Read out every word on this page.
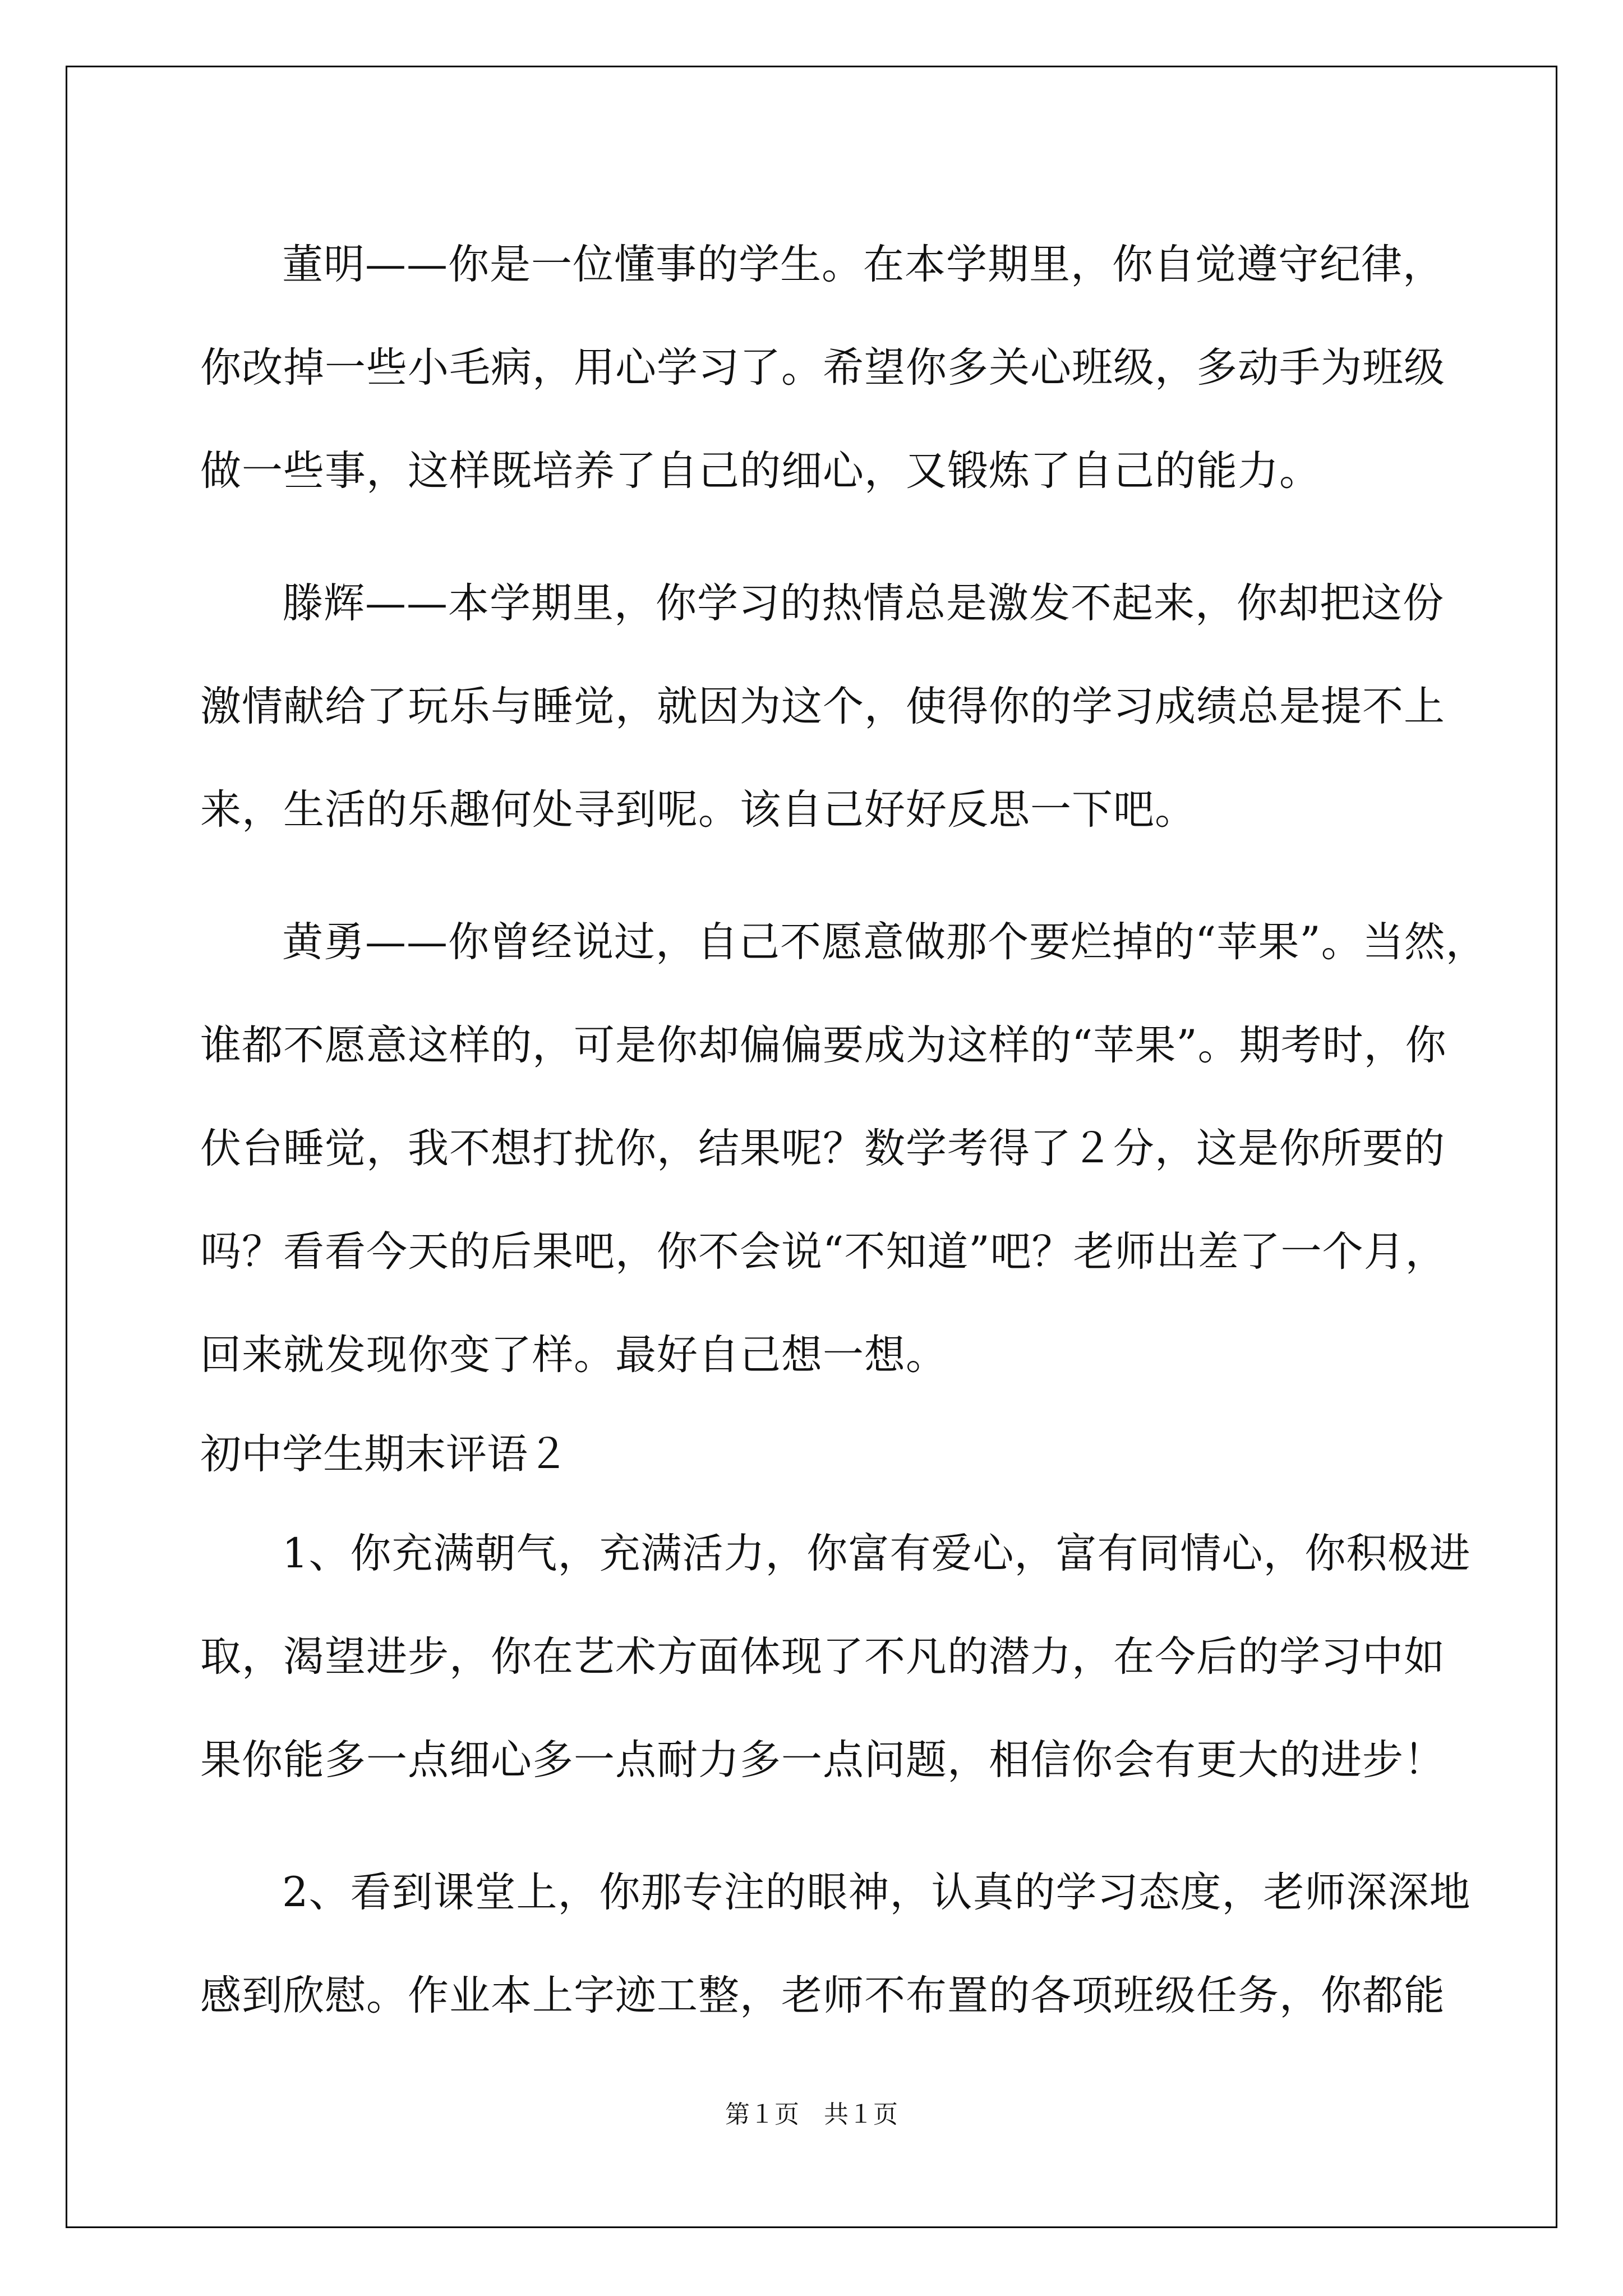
董明——你是一位懂事的学生。在本学期里，你自觉遵守纪律，
你改掉一些小毛病，用心学习了。希望你多关心班级，多动手为班级
做一些事，这样既培养了自己的细心，又锻炼了自己的能力。
滕辉——本学期里，你学习的热情总是激发不起来，你却把这份
激情献给了玩乐与睡觉，就因为这个，使得你的学习成绩总是提不上
来，生活的乐趣何处寻到呢。该自己好好反思一下吧。
黄勇——你曾经说过，自己不愿意做那个要烂掉的“苹果”。当然，
谁都不愿意这样的，可是你却偏偏要成为这样的“苹果”。期考时，你
伏台睡觉，我不想打扰你，结果呢？数学考得了２分，这是你所要的
吗？看看今天的后果吧，你不会说“不知道”吧？老师出差了一个月，
回来就发现你变了样。最好自己想一想。
初中学生期末评语２
1、你充满朝气，充满活力，你富有爱心，富有同情心，你积极进
取，渴望进步，你在艺术方面体现了不凡的潜力，在今后的学习中如
果你能多一点细心多一点耐力多一点问题，相信你会有更大的进步！
2、看到课堂上，你那专注的眼神，认真的学习态度，老师深深地
感到欣慰。作业本上字迹工整，老师不布置的各项班级任务，你都能
第１页　共１页
